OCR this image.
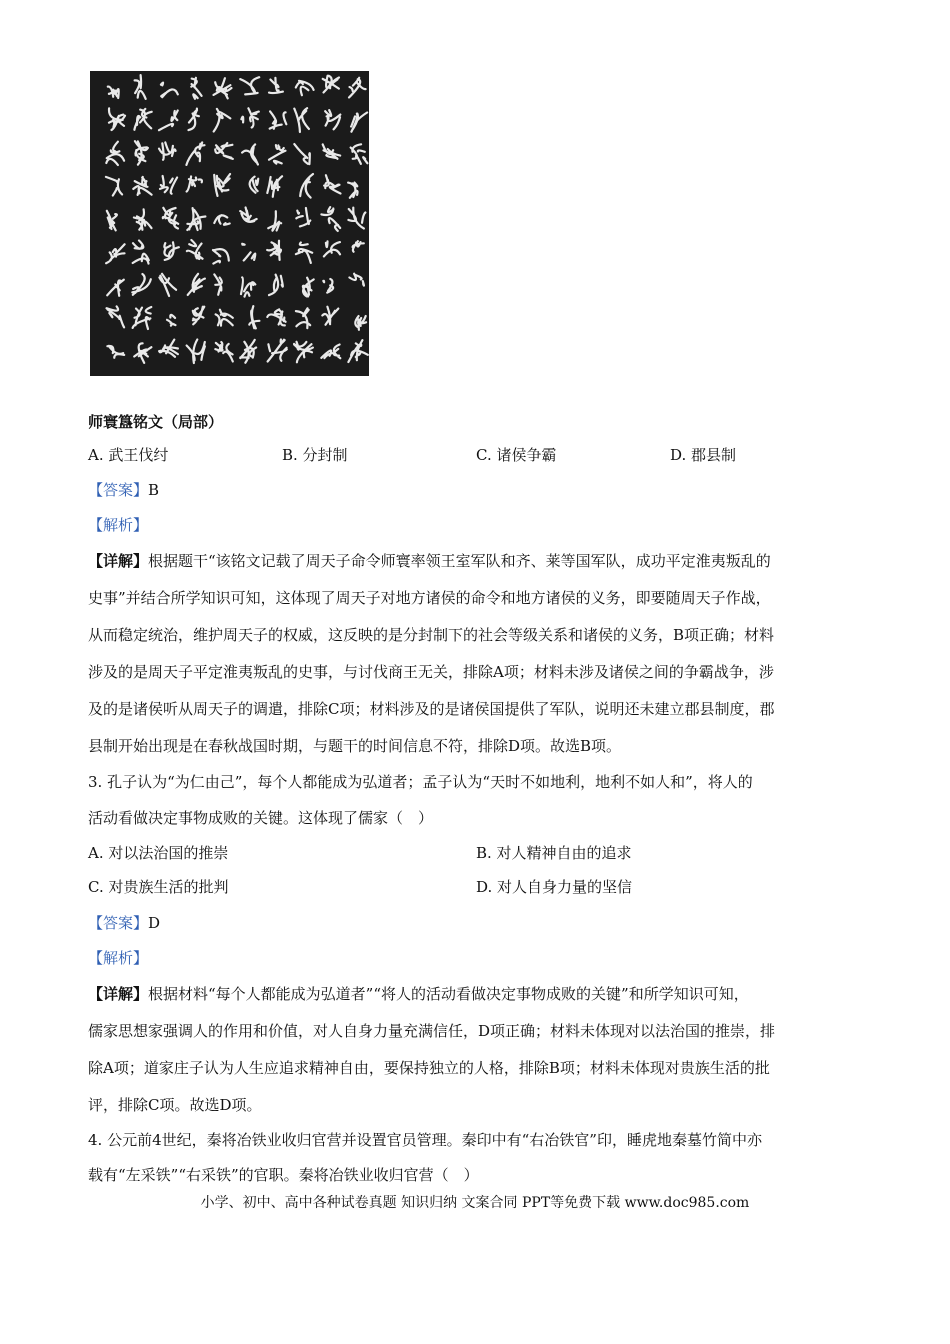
师寰簋铭文（局部）
A. 武王伐纣	B. 分封制	C. 诸侯争霸	D. 郡县制
【答案】B
【解析】
【详解】根据题干“该铭文记载了周天子命令师寰率领王室军队和齐、莱等国军队，成功平定淮夷叛乱的
史事”并结合所学知识可知，这体现了周天子对地方诸侯的命令和地方诸侯的义务，即要随周天子作战，
从而稳定统治，维护周天子的权威，这反映的是分封制下的社会等级关系和诸侯的义务，B项正确；材料
涉及的是周天子平定淮夷叛乱的史事，与讨伐商王无关，排除A项；材料未涉及诸侯之间的争霸战争，涉
及的是诸侯听从周天子的调遣，排除C项；材料涉及的是诸侯国提供了军队，说明还未建立郡县制度，郡
县制开始出现是在春秋战国时期，与题干的时间信息不符，排除D项。故选B项。
3. 孔子认为“为仁由己”，每个人都能成为弘道者；孟子认为“天时不如地利，地利不如人和”，将人的
活动看做决定事物成败的关键。这体现了儒家（　）
A. 对以法治国的推崇	B. 对人精神自由的追求
C. 对贵族生活的批判	D. 对人自身力量的坚信
【答案】D
【解析】
【详解】根据材料“每个人都能成为弘道者”“将人的活动看做决定事物成败的关键”和所学知识可知，
儒家思想家强调人的作用和价值，对人自身力量充满信任，D项正确；材料未体现对以法治国的推崇，排
除A项；道家庄子认为人生应追求精神自由，要保持独立的人格，排除B项；材料未体现对贵族生活的批
评，排除C项。故选D项。
4. 公元前4世纪，秦将冶铁业收归官营并设置官员管理。秦印中有“右冶铁官”印，睡虎地秦墓竹简中亦
载有“左采铁”“右采铁”的官职。秦将冶铁业收归官营（　）
小学、初中、高中各种试卷真题 知识归纳 文案合同 PPT等免费下载 www.doc985.com
